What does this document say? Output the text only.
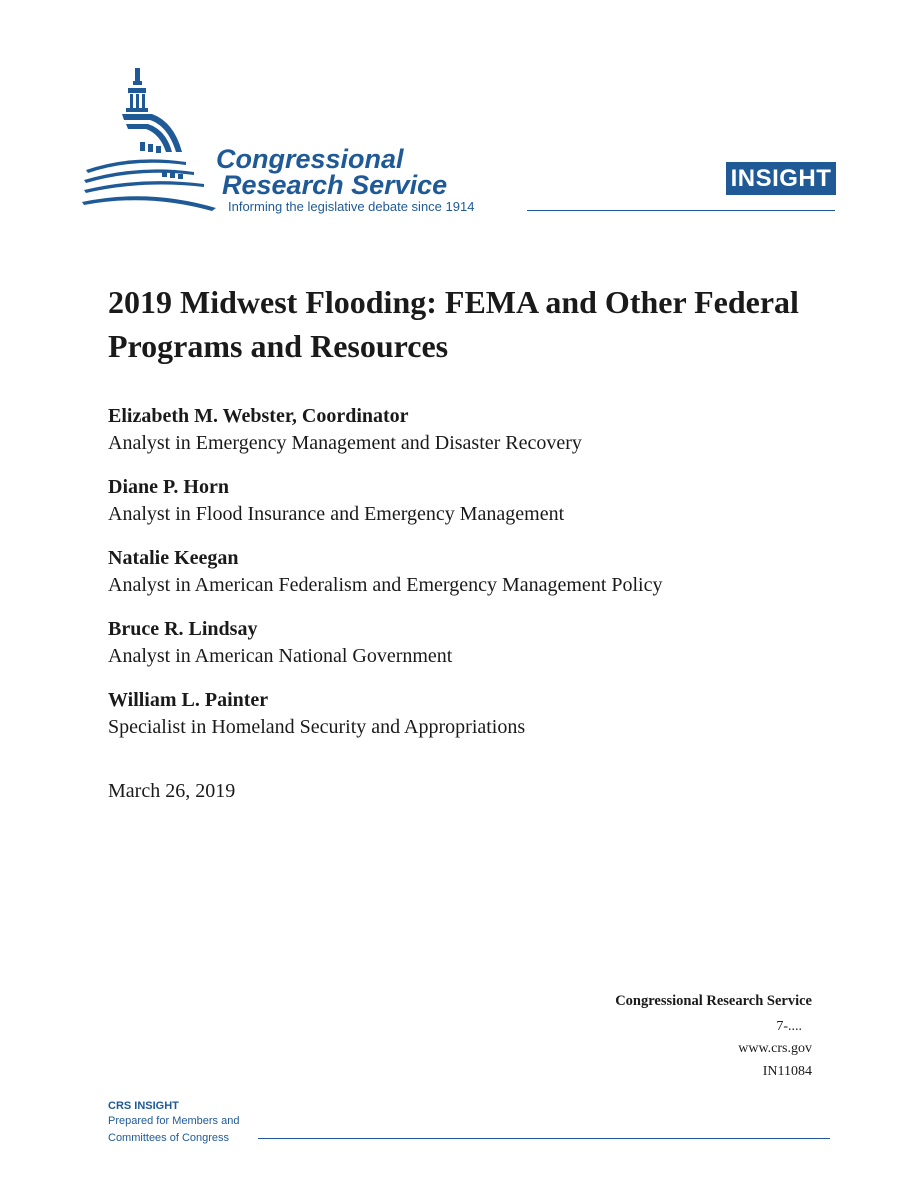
Congressional
Research Service
Informing the legislative debate since 1914
INSIGHT
2019 Midwest Flooding: FEMA and Other Federal Programs and Resources
Elizabeth M. Webster, Coordinator
Analyst in Emergency Management and Disaster Recovery
Diane P. Horn
Analyst in Flood Insurance and Emergency Management
Natalie Keegan
Analyst in American Federalism and Emergency Management Policy
Bruce R. Lindsay
Analyst in American National Government
William L. Painter
Specialist in Homeland Security and Appropriations
March 26, 2019
Congressional Research Service
7-....
www.crs.gov
IN11084
CRS INSIGHT
Prepared for Members and
Committees of Congress
